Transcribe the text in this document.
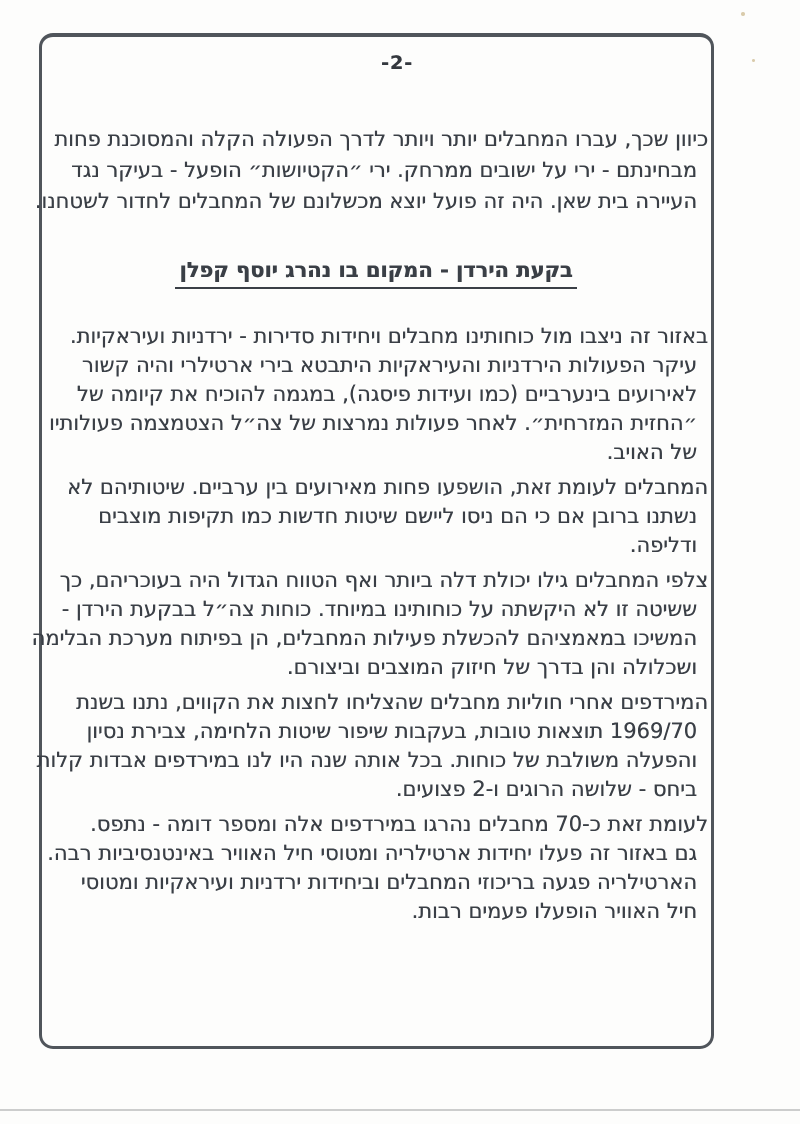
-2-
כיוון שכך, עברו המחבלים יותר ויותר לדרך הפעולה הקלה והמסוכנת פחות
מבחינתם - ירי על ישובים ממרחק. ירי ״הקטיושות״ הופעל - בעיקר נגד
העיירה בית שאן. היה זה פועל יוצא מכשלונם של המחבלים לחדור לשטחנו.
בקעת הירדן - המקום בו נהרג יוסף קפלן
באזור זה ניצבו מול כוחותינו מחבלים ויחידות סדירות - ירדניות ועיראקיות.
עיקר הפעולות הירדניות והעיראקיות היתבטא בירי ארטילרי והיה קשור
לאירועים בינערביים (כמו ועידות פיסגה), במגמה להוכיח את קיומה של
״החזית המזרחית״. לאחר פעולות נמרצות של צה״ל הצטמצמה פעולותיו
של האויב.
המחבלים לעומת זאת, הושפעו פחות מאירועים בין ערביים. שיטותיהם לא
נשתנו ברובן אם כי הם ניסו ליישם שיטות חדשות כמו תקיפות מוצבים
ודליפה.
צלפי המחבלים גילו יכולת דלה ביותר ואף הטווח הגדול היה בעוכריהם, כך
ששיטה זו לא היקשתה על כוחותינו במיוחד. כוחות צה״ל בבקעת הירדן -
המשיכו במאמציהם להכשלת פעילות המחבלים, הן בפיתוח מערכת הבלימה
ושכלולה והן בדרך של חיזוק המוצבים וביצורם.
המירדפים אחרי חוליות מחבלים שהצליחו לחצות את הקווים, נתנו בשנת
1969/70 תוצאות טובות, בעקבות שיפור שיטות הלחימה, צבירת נסיון
והפעלה משולבת של כוחות. בכל אותה שנה היו לנו במירדפים אבדות קלות
ביחס - שלושה הרוגים ו-2 פצועים.
לעומת זאת כ-70 מחבלים נהרגו במירדפים אלה ומספר דומה - נתפס.
גם באזור זה פעלו יחידות ארטילריה ומטוסי חיל האוויר באינטנסיביות רבה.
הארטילריה פגעה בריכוזי המחבלים וביחידות ירדניות ועיראקיות ומטוסי
חיל האוויר הופעלו פעמים רבות.
